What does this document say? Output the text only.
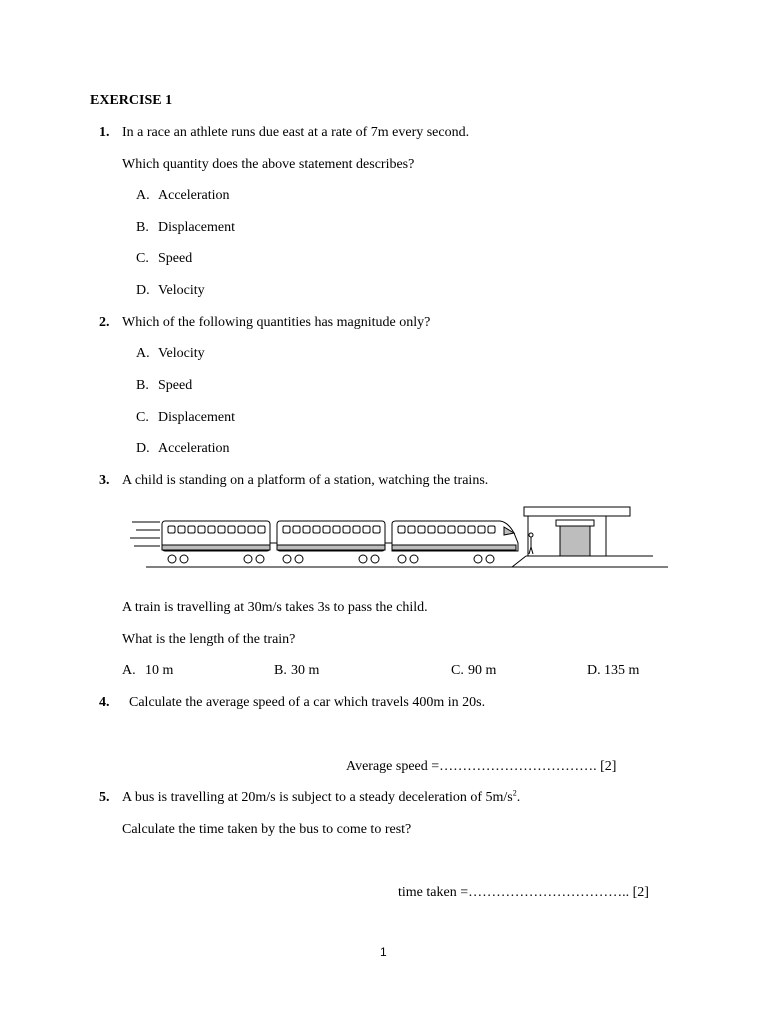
EXERCISE 1
1. In a race an athlete runs due east at a rate of 7m every second.
Which quantity does the above statement describes?
A. Acceleration
B. Displacement
C. Speed
D. Velocity
2. Which of the following quantities has magnitude only?
A. Velocity
B. Speed
C. Displacement
D. Acceleration
3. A child is standing on a platform of a station, watching the trains.
A train is travelling at 30m/s takes 3s to pass the child.
What is the length of the train?
A. 10 m	B. 30 m	C. 90 m	D. 135 m
4. Calculate the average speed of a car which travels 400m in 20s.
Average speed =……………………………. [2]
5. A bus is travelling at 20m/s is subject to a steady deceleration of $5m/s^2$.
Calculate the time taken by the bus to come to rest?
time taken =…………………………….. [2]
1
